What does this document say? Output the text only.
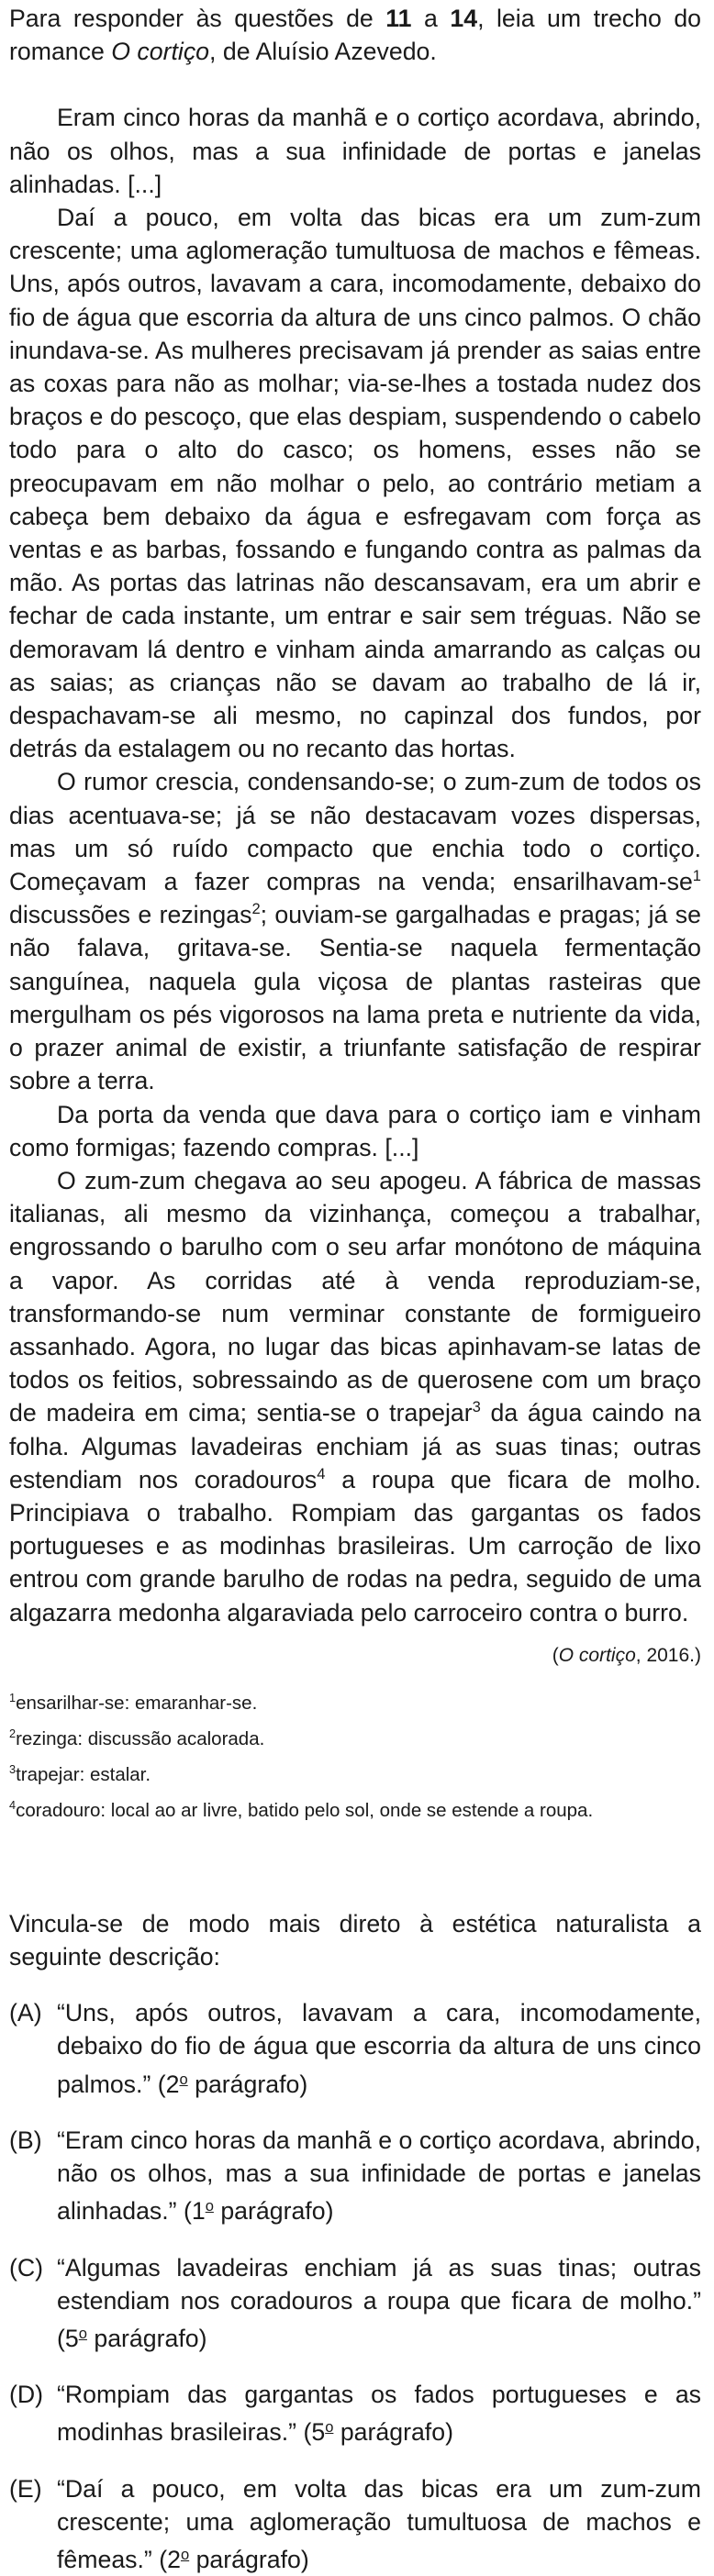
Para responder às questões de 11 a 14, leia um trecho do romance O cortiço, de Aluísio Azevedo.

Eram cinco horas da manhã e o cortiço acordava, abrindo, não os olhos, mas a sua infinidade de portas e janelas alinhadas. [...]

Daí a pouco, em volta das bicas era um zum-zum crescente; uma aglomeração tumultuosa de machos e fêmeas. Uns, após outros, lavavam a cara, incomodamente, debaixo do fio de água que escorria da altura de uns cinco palmos. O chão inundava-se. As mulheres precisavam já prender as saias entre as coxas para não as molhar; via-se-lhes a tostada nudez dos braços e do pescoço, que elas despiam, suspendendo o cabelo todo para o alto do casco; os homens, esses não se preocupavam em não molhar o pelo, ao contrário metiam a cabeça bem debaixo da água e esfregavam com força as ventas e as barbas, fossando e fungando contra as palmas da mão. As portas das latrinas não descansavam, era um abrir e fechar de cada instante, um entrar e sair sem tréguas. Não se demoravam lá dentro e vinham ainda amarrando as calças ou as saias; as crianças não se davam ao trabalho de lá ir, despachavam-se ali mesmo, no capinzal dos fundos, por detrás da estalagem ou no recanto das hortas.

O rumor crescia, condensando-se; o zum-zum de todos os dias acentuava-se; já se não destacavam vozes dispersas, mas um só ruído compacto que enchia todo o cortiço. Começavam a fazer compras na venda; ensarilhavam-$se^1$ discussões e rezingas$^2$; ouviam-se gargalhadas e pragas; já se não falava, gritava-se. Sentia-se naquela fermentação sanguínea, naquela gula viçosa de plantas rasteiras que mergulham os pés vigorosos na lama preta e nutriente da vida, o prazer animal de existir, a triunfante satisfação de respirar sobre a terra.

Da porta da venda que dava para o cortiço iam e vinham como formigas; fazendo compras. [...]

O zum-zum chegava ao seu apogeu. A fábrica de massas italianas, ali mesmo da vizinhança, começou a trabalhar, engrossando o barulho com o seu arfar monótono de máquina a vapor. As corridas até à venda reproduziam-se, transformando-se num verminar constante de formigueiro assanhado. Agora, no lugar das bicas apinhavam-se latas de todos os feitios, sobressaindo as de querosene com um braço de madeira em cima; sentia-se o trapejar$^3$ da água caindo na folha. Algumas lavadeiras enchiam já as suas tinas; outras estendiam nos coradouros$^4$ a roupa que ficara de molho. Principiava o trabalho. Rompiam das gargantas os fados portugueses e as modinhas brasileiras. Um carroção de lixo entrou com grande barulho de rodas na pedra, seguido de uma algazarra medonha algaraviada pelo carroceiro contra o burro.

(O cortiço, 2016.)

$^1$ensarilhar-se: emaranhar-se.

$^2$rezinga: discussão acalorada.

$^3$trapejar: estalar.

$^4$coradouro: local ao ar livre, batido pelo sol, onde se estende a roupa.

Vincula-se de modo mais direto à estética naturalista a seguinte descrição:

(A) “Uns, após outros, lavavam a cara, incomodamente, debaixo do fio de água que escorria da altura de uns cinco palmos.” (2$^o$ parágrafo)
(B) “Eram cinco horas da manhã e o cortiço acordava, abrindo, não os olhos, mas a sua infinidade de portas e janelas alinhadas.” (1$^o$ parágrafo)
(C) “Algumas lavadeiras enchiam já as suas tinas; outras estendiam nos coradouros a roupa que ficara de molho.” (5$^o$ parágrafo)
(D) “Rompiam das gargantas os fados portugueses e as modinhas brasileiras.” (5$^o$ parágrafo)
(E) “Daí a pouco, em volta das bicas era um zum-zum crescente; uma aglomeração tumultuosa de machos e fêmeas.” (2$^o$ parágrafo)
